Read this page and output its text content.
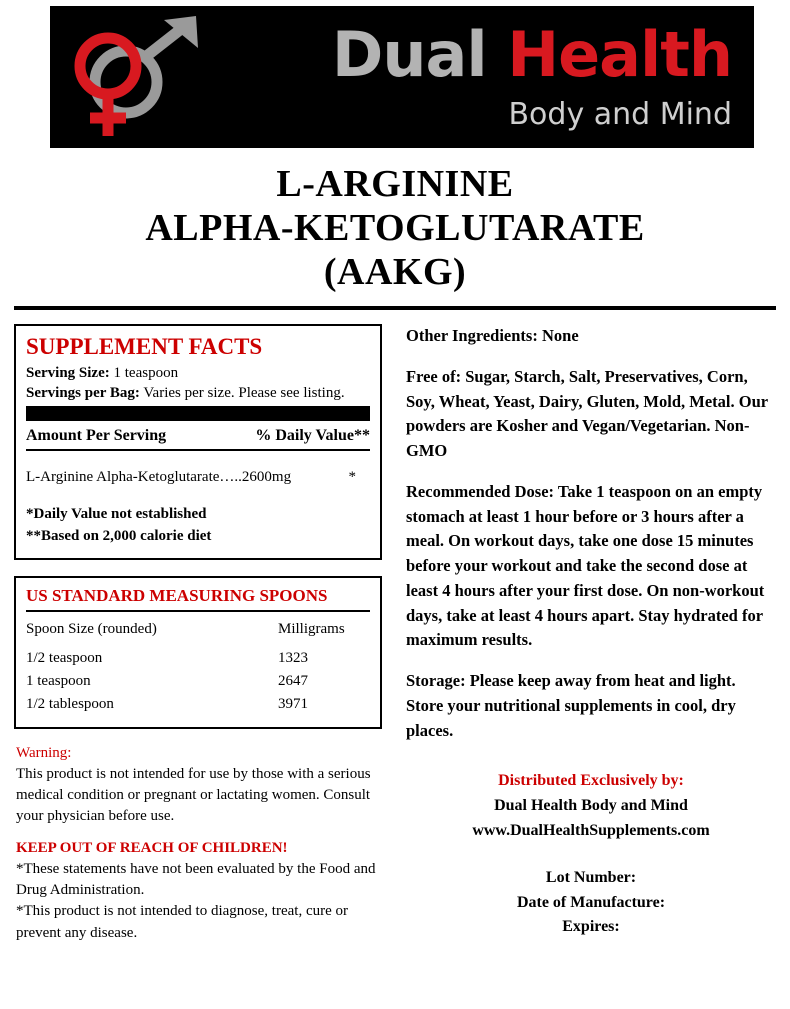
Dual Health
Body and Mind
L-ARGININE
ALPHA-KETOGLUTARATE
(AAKG)
SUPPLEMENT FACTS
Serving Size: 1 teaspoon
Servings per Bag: Varies per size. Please see listing.
Amount Per Serving	% Daily Value**
L-Arginine Alpha-Ketoglutarate…..2600mg	*
*Daily Value not established
**Based on 2,000 calorie diet
US STANDARD MEASURING SPOONS
Spoon Size (rounded)	Milligrams
1/2 teaspoon	1323
1 teaspoon	2647
1/2 tablespoon	3971
Warning:
This product is not intended for use by those with a serious medical condition or pregnant or lactating women. Consult your physician before use.
KEEP OUT OF REACH OF CHILDREN!
*These statements have not been evaluated by the Food and Drug Administration.
*This product is not intended to diagnose, treat, cure or prevent any disease.
Other Ingredients: None
Free of: Sugar, Starch, Salt, Preservatives, Corn, Soy, Wheat, Yeast, Dairy, Gluten, Mold, Metal. Our powders are Kosher and Vegan/Vegetarian. Non-GMO
Recommended Dose: Take 1 teaspoon on an empty stomach at least 1 hour before or 3 hours after a meal. On workout days, take one dose 15 minutes before your workout and take the second dose at least 4 hours after your first dose. On non-workout days, take at least 4 hours apart. Stay hydrated for maximum results.
Storage: Please keep away from heat and light. Store your nutritional supplements in cool, dry places.
Distributed Exclusively by:
Dual Health Body and Mind
www.DualHealthSupplements.com
Lot Number:
Date of Manufacture:
Expires:
